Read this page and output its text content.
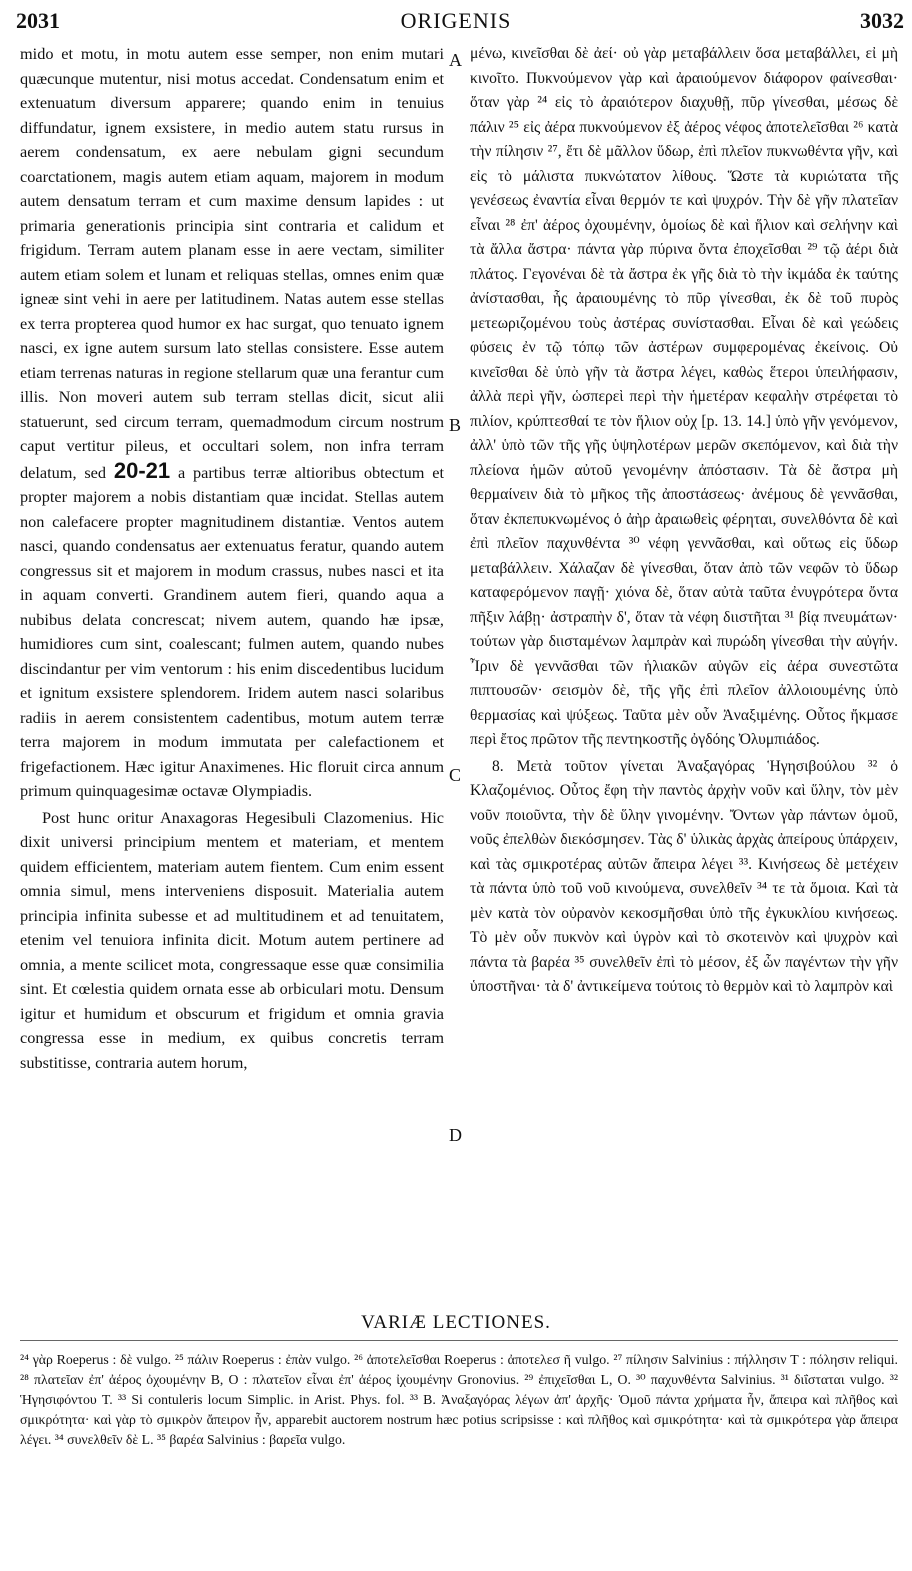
2031	ORIGENIS	3032

mido et motu, in motu autem esse semper, non enim mutari quæcunque mutentur, nisi motus accedat. Condensatum enim et extenuatum diversum apparere; quando enim in tenuius diffundatur, ignem exsistere, in medio autem statu rursus in aerem condensatum, ex aere nebulam gigni secundum coarctationem, magis autem etiam aquam, majorem in modum autem densatum terram et cum maxime densum lapides : ut primaria generationis principia sint contraria et calidum et frigidum. Terram autem planam esse in aere vectam, similiter autem etiam solem et lunam et reliquas stellas, omnes enim quæ igneæ sint vehi in aere per latitudinem. Natas autem esse stellas ex terra propterea quod humor ex hac surgat, quo tenuato ignem nasci, ex igne autem sursum lato stellas consistere. Esse autem etiam terrenas naturas in regione stellarum quæ una ferantur cum illis. Non moveri autem sub terram stellas dicit, sicut alii statuerunt, sed circum terram, quemadmodum circum nostrum caput vertitur pileus, et occultari solem, non infra terram delatum, sed 20-21 a partibus terræ altioribus obtectum et propter majorem a nobis distantiam quæ incidat. Stellas autem non calefacere propter magnitudinem distantiæ. Ventos autem nasci, quando condensatus aer extenuatus feratur, quando autem congressus sit et majorem in modum crassus, nubes nasci et ita in aquam converti. Grandinem autem fieri, quando aqua a nubibus delata concrescat; nivem autem, quando hæ ipsæ, humidiores cum sint, coalescant; fulmen autem, quando nubes discindantur per vim ventorum : his enim discedentibus lucidum et ignitum exsistere splendorem. Iridem autem nasci solaribus radiis in aerem consistentem cadentibus, motum autem terræ terra majorem in modum immutata per calefactionem et frigefactionem. Hæc igitur Anaximenes. Hic floruit circa annum primum quinquagesimæ octavæ Olympiadis.

Post hunc oritur Anaxagoras Hegesibuli Clazomenius. Hic dixit universi principium mentem et materiam, et mentem quidem efficientem, materiam autem fientem. Cum enim essent omnia simul, mens interveniens disposuit. Materialia autem principia infinita subesse et ad multitudinem et ad tenuitatem, etenim vel tenuiora infinita dicit. Motum autem pertinere ad omnia, a mente scilicet mota, congressaque esse quæ consimilia sint. Et cœlestia quidem ornata esse ab orbiculari motu. Densum igitur et humidum et obscurum et frigidum et omnia gravia congressa esse in medium, ex quibus concretis terram substitisse, contraria autem horum,

A
B
C
D

μένω, κινεῖσθαι δὲ ἀεί· οὐ γὰρ μεταβάλλειν ὅσα μεταβάλλει, εἰ μὴ κινοῖτο. Πυκνούμενον γὰρ καὶ ἀραιούμενον διάφορον φαίνεσθαι· ὅταν γὰρ ²⁴ εἰς τὸ ἀραιότερον διαχυθῇ, πῦρ γίνεσθαι, μέσως δὲ πάλιν ²⁵ εἰς ἀέρα πυκνούμενον ἐξ ἀέρος νέφος ἀποτελεῖσθαι ²⁶ κατὰ τὴν πίλησιν ²⁷, ἔτι δὲ μᾶλλον ὕδωρ, ἐπὶ πλεῖον πυκνωθέντα γῆν, καὶ εἰς τὸ μάλιστα πυκνώτατον λίθους. Ὥστε τὰ κυριώτατα τῆς γενέσεως ἐναντία εἶναι θερμόν τε καὶ ψυχρόν. Τὴν δὲ γῆν πλατεῖαν εἶναι ²⁸ ἐπ' ἀέρος ὀχουμένην, ὁμοίως δὲ καὶ ἥλιον καὶ σελήνην καὶ τὰ ἄλλα ἄστρα· πάντα γὰρ πύρινα ὄντα ἐποχεῖσθαι ²⁹ τῷ ἀέρι διὰ πλάτος. Γεγονέναι δὲ τὰ ἄστρα ἐκ γῆς διὰ τὸ τὴν ἰκμάδα ἐκ ταύτης ἀνίστασθαι, ἧς ἀραιουμένης τὸ πῦρ γίνεσθαι, ἐκ δὲ τοῦ πυρὸς μετεωριζομένου τοὺς ἀστέρας συνίστασθαι. Εἶναι δὲ καὶ γεώδεις φύσεις ἐν τῷ τόπῳ τῶν ἀστέρων συμφερομένας ἐκείνοις. Οὐ κινεῖσθαι δὲ ὑπὸ γῆν τὰ ἄστρα λέγει, καθὼς ἕτεροι ὑπειλήφασιν, ἀλλὰ περὶ γῆν, ὡσπερεὶ περὶ τὴν ἡμετέραν κεφαλὴν στρέφεται τὸ πιλίον, κρύπτεσθαί τε τὸν ἥλιον οὐχ [p. 13. 14.] ὑπὸ γῆν γενόμενον, ἀλλ' ὑπὸ τῶν τῆς γῆς ὑψηλοτέρων μερῶν σκεπόμενον, καὶ διὰ τὴν πλείονα ἡμῶν αὐτοῦ γενομένην ἀπόστασιν. Τὰ δὲ ἄστρα μὴ θερμαίνειν διὰ τὸ μῆκος τῆς ἀποστάσεως· ἀνέμους δὲ γεννᾶσθαι, ὅταν ἐκπεπυκνωμένος ὁ ἀὴρ ἀραιωθεὶς φέρηται, συνελθόντα δὲ καὶ ἐπὶ πλεῖον παχυνθέντα ³⁰ νέφη γεννᾶσθαι, καὶ οὕτως εἰς ὕδωρ μεταβάλλειν. Χάλαζαν δὲ γίνεσθαι, ὅταν ἀπὸ τῶν νεφῶν τὸ ὕδωρ καταφερόμενον παγῇ· χιόνα δὲ, ὅταν αὐτὰ ταῦτα ἐνυγρότερα ὄντα πῆξιν λάβῃ· ἀστραπὴν δ', ὅταν τὰ νέφη διιστῆται ³¹ βίᾳ πνευμάτων· τούτων γὰρ διισταμένων λαμπρὰν καὶ πυρώδη γίνεσθαι τὴν αὐγήν. Ἶριν δὲ γεννᾶσθαι τῶν ἡλιακῶν αὐγῶν εἰς ἀέρα συνεστῶτα πιπτουσῶν· σεισμὸν δὲ, τῆς γῆς ἐπὶ πλεῖον ἀλλοιουμένης ὑπὸ θερμασίας καὶ ψύξεως. Ταῦτα μὲν οὖν Ἀναξιμένης. Οὗτος ἤκμασε περὶ ἔτος πρῶτον τῆς πεντηκοστῆς ὀγδόης Ὀλυμπιάδος.

8. Μετὰ τοῦτον γίνεται Ἀναξαγόρας Ἡγησιβούλου ³² ὁ Κλαζομένιος. Οὗτος ἔφη τὴν παντὸς ἀρχὴν νοῦν καὶ ὕλην, τὸν μὲν νοῦν ποιοῦντα, τὴν δὲ ὕλην γινομένην. Ὄντων γὰρ πάντων ὁμοῦ, νοῦς ἐπελθὼν διεκόσμησεν. Τὰς δ' ὑλικὰς ἀρχὰς ἀπείρους ὑπάρχειν, καὶ τὰς σμικροτέρας αὐτῶν ἄπειρα λέγει ³³. Κινήσεως δὲ μετέχειν τὰ πάντα ὑπὸ τοῦ νοῦ κινούμενα, συνελθεῖν ³⁴ τε τὰ ὅμοια. Καὶ τὰ μὲν κατὰ τὸν οὐρανὸν κεκοσμῆσθαι ὑπὸ τῆς ἐγκυκλίου κινήσεως. Τὸ μὲν οὖν πυκνὸν καὶ ὑγρὸν καὶ τὸ σκοτεινὸν καὶ ψυχρὸν καὶ πάντα τὰ βαρέα ³⁵ συνελθεῖν ἐπὶ τὸ μέσον, ἐξ ὧν παγέντων τὴν γῆν ὑποστῆναι· τὰ δ' ἀντικείμενα τούτοις τὸ θερμὸν καὶ τὸ λαμπρὸν καὶ

VARIÆ LECTIONES.
²⁴ γὰρ Roeperus : δὲ vulgo. ²⁵ πάλιν Roeperus : ἐπὰν vulgo. ²⁶ ἀποτελεῖσθαι Roeperus : ἀποτελεσ ῆ vulgo. ²⁷ πίλησιν Salvinius : πήλλησιν T : πόλησιν reliqui. ²⁸ πλατεῖαν ἐπ' ἀέρος ὀχουμένην B, O : πλατεῖον εἶναι ἐπ' ἀέρος ἰχουμένην Gronovius. ²⁹ ἐπιχεῖσθαι L, O. ³⁰ παχυνθέντα Salvinius. ³¹ διΐσταται vulgo. ³² Ἡγησιφόντου T. ³³ Si contuleris locum Simplic. in Arist. Phys. fol. ³³ B. Ἀναξαγόρας λέγων ἀπ' ἀρχῆς· Ὁμοῦ πάντα χρήματα ἦν, ἄπειρα καὶ πλῆθος καὶ σμικρότητα· καὶ γὰρ τὸ σμικρὸν ἄπειρον ἦν, apparebit auctorem nostrum hæc potius scripsisse : καὶ πλῆθος καὶ σμικρότητα· καὶ τὰ σμικρότερα γὰρ ἄπειρα λέγει. ³⁴ συνελθεῖν δὲ L. ³⁵ βαρέα Salvinius : βαρεῖα vulgo.
